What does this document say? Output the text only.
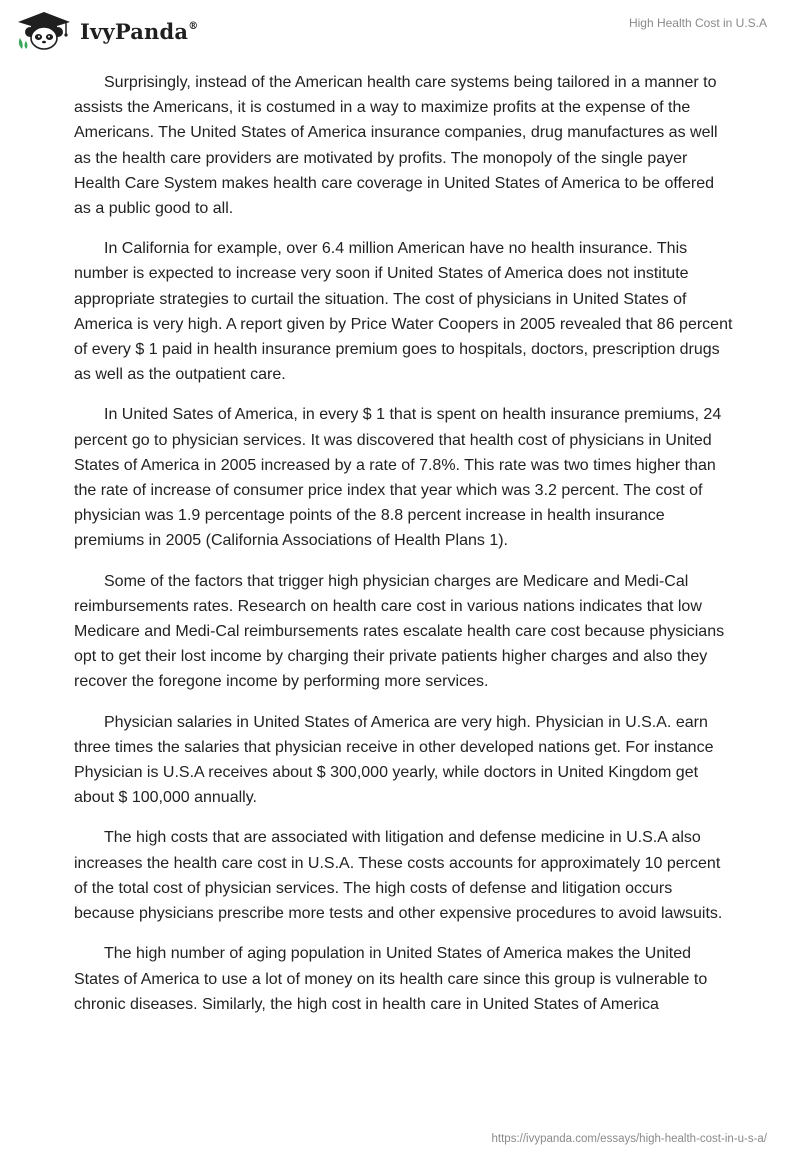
IvyPanda®	High Health Cost in U.S.A

Surprisingly, instead of the American health care systems being tailored in a manner to assists the Americans, it is costumed in a way to maximize profits at the expense of the Americans. The United States of America insurance companies, drug manufactures as well as the health care providers are motivated by profits. The monopoly of the single payer Health Care System makes health care coverage in United States of America to be offered as a public good to all.

In California for example, over 6.4 million American have no health insurance. This number is expected to increase very soon if United States of America does not institute appropriate strategies to curtail the situation. The cost of physicians in United States of America is very high. A report given by Price Water Coopers in 2005 revealed that 86 percent of every $ 1 paid in health insurance premium goes to hospitals, doctors, prescription drugs as well as the outpatient care.

In United Sates of America, in every $ 1 that is spent on health insurance premiums, 24 percent go to physician services. It was discovered that health cost of physicians in United States of America in 2005 increased by a rate of 7.8%. This rate was two times higher than the rate of increase of consumer price index that year which was 3.2 percent. The cost of physician was 1.9 percentage points of the 8.8 percent increase in health insurance premiums in 2005 (California Associations of Health Plans 1).

Some of the factors that trigger high physician charges are Medicare and Medi-Cal reimbursements rates. Research on health care cost in various nations indicates that low Medicare and Medi-Cal reimbursements rates escalate health care cost because physicians opt to get their lost income by charging their private patients higher charges and also they recover the foregone income by performing more services.

Physician salaries in United States of America are very high. Physician in U.S.A. earn three times the salaries that physician receive in other developed nations get. For instance Physician is U.S.A receives about $ 300,000 yearly, while doctors in United Kingdom get about $ 100,000 annually.

The high costs that are associated with litigation and defense medicine in U.S.A also increases the health care cost in U.S.A. These costs accounts for approximately 10 percent of the total cost of physician services. The high costs of defense and litigation occurs because physicians prescribe more tests and other expensive procedures to avoid lawsuits.

The high number of aging population in United States of America makes the United States of America to use a lot of money on its health care since this group is vulnerable to chronic diseases. Similarly, the high cost in health care in United States of America

https://ivypanda.com/essays/high-health-cost-in-u-s-a/
